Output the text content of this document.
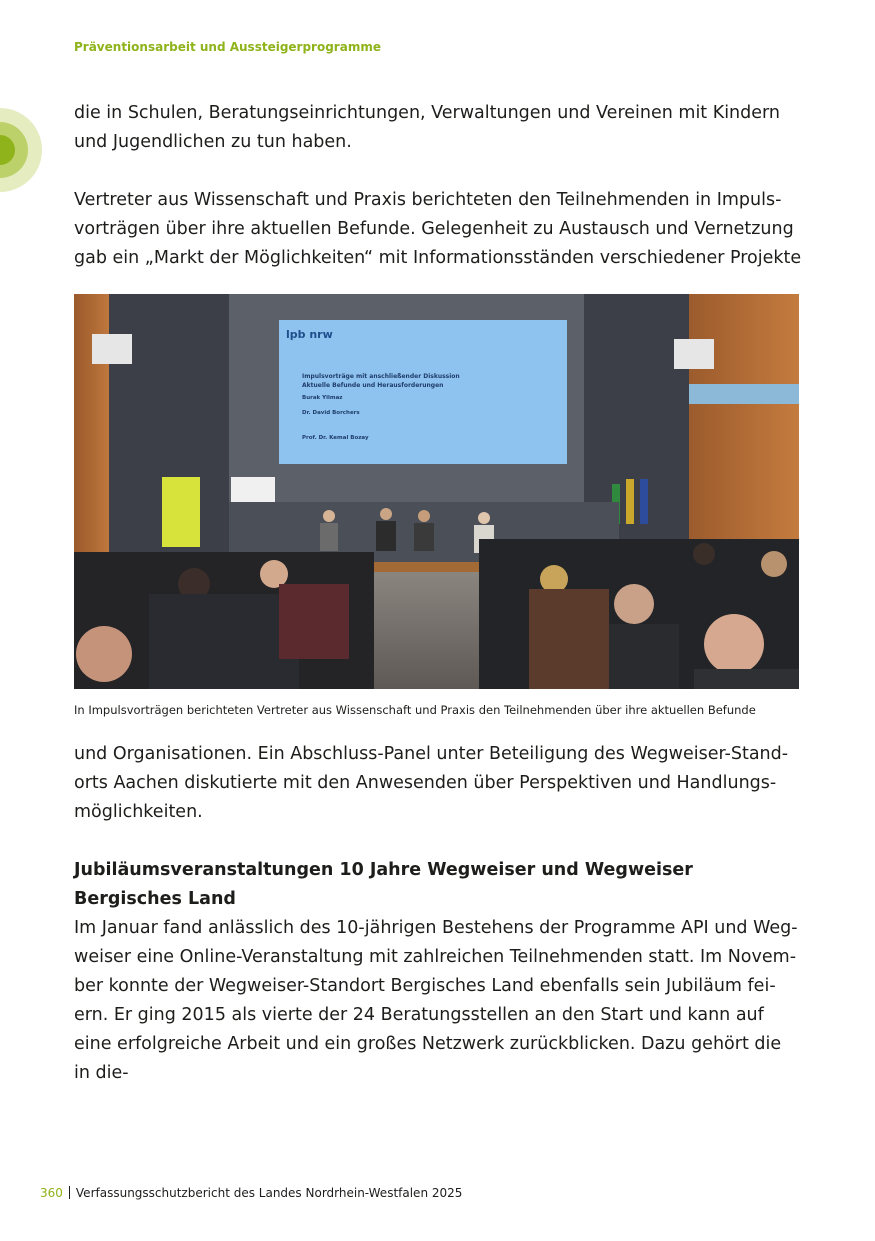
Präventionsarbeit und Aussteigerprogramme

die in Schulen, Beratungseinrichtungen, Verwaltungen und Vereinen mit Kindern und Jugendlichen zu tun haben.

Vertreter aus Wissenschaft und Praxis berichteten den Teilnehmenden in Impulsvorträgen über ihre aktuellen Befunde. Gelegenheit zu Austausch und Vernetzung gab ein „Markt der Möglichkeiten“ mit Informationsständen verschiedener Projekte

lpb nrw
Impulsvorträge mit anschließender Diskussion
Aktuelle Befunde und Herausforderungen
Burak Yilmaz
Dr. David Borchers
Prof. Dr. Kemal Bozay
In Impulsvorträgen berichteten Vertreter aus Wissenschaft und Praxis den Teilnehmenden über ihre aktuellen Befunde

und Organisationen. Ein Abschluss-Panel unter Beteiligung des Wegweiser-Standorts Aachen diskutierte mit den Anwesenden über Perspektiven und Handlungsmöglichkeiten.

Jubiläumsveranstaltungen 10 Jahre Wegweiser und Wegweiser Bergisches Land

Im Januar fand anlässlich des 10-jährigen Bestehens der Programme API und Wegweiser eine Online-Veranstaltung mit zahlreichen Teilnehmenden statt. Im November konnte der Wegweiser-Standort Bergisches Land ebenfalls sein Jubiläum feiern. Er ging 2015 als vierte der 24 Beratungsstellen an den Start und kann auf eine erfolgreiche Arbeit und ein großes Netzwerk zurückblicken. Dazu gehört die in die-

360 Verfassungsschutzbericht des Landes Nordrhein-Westfalen 2025
